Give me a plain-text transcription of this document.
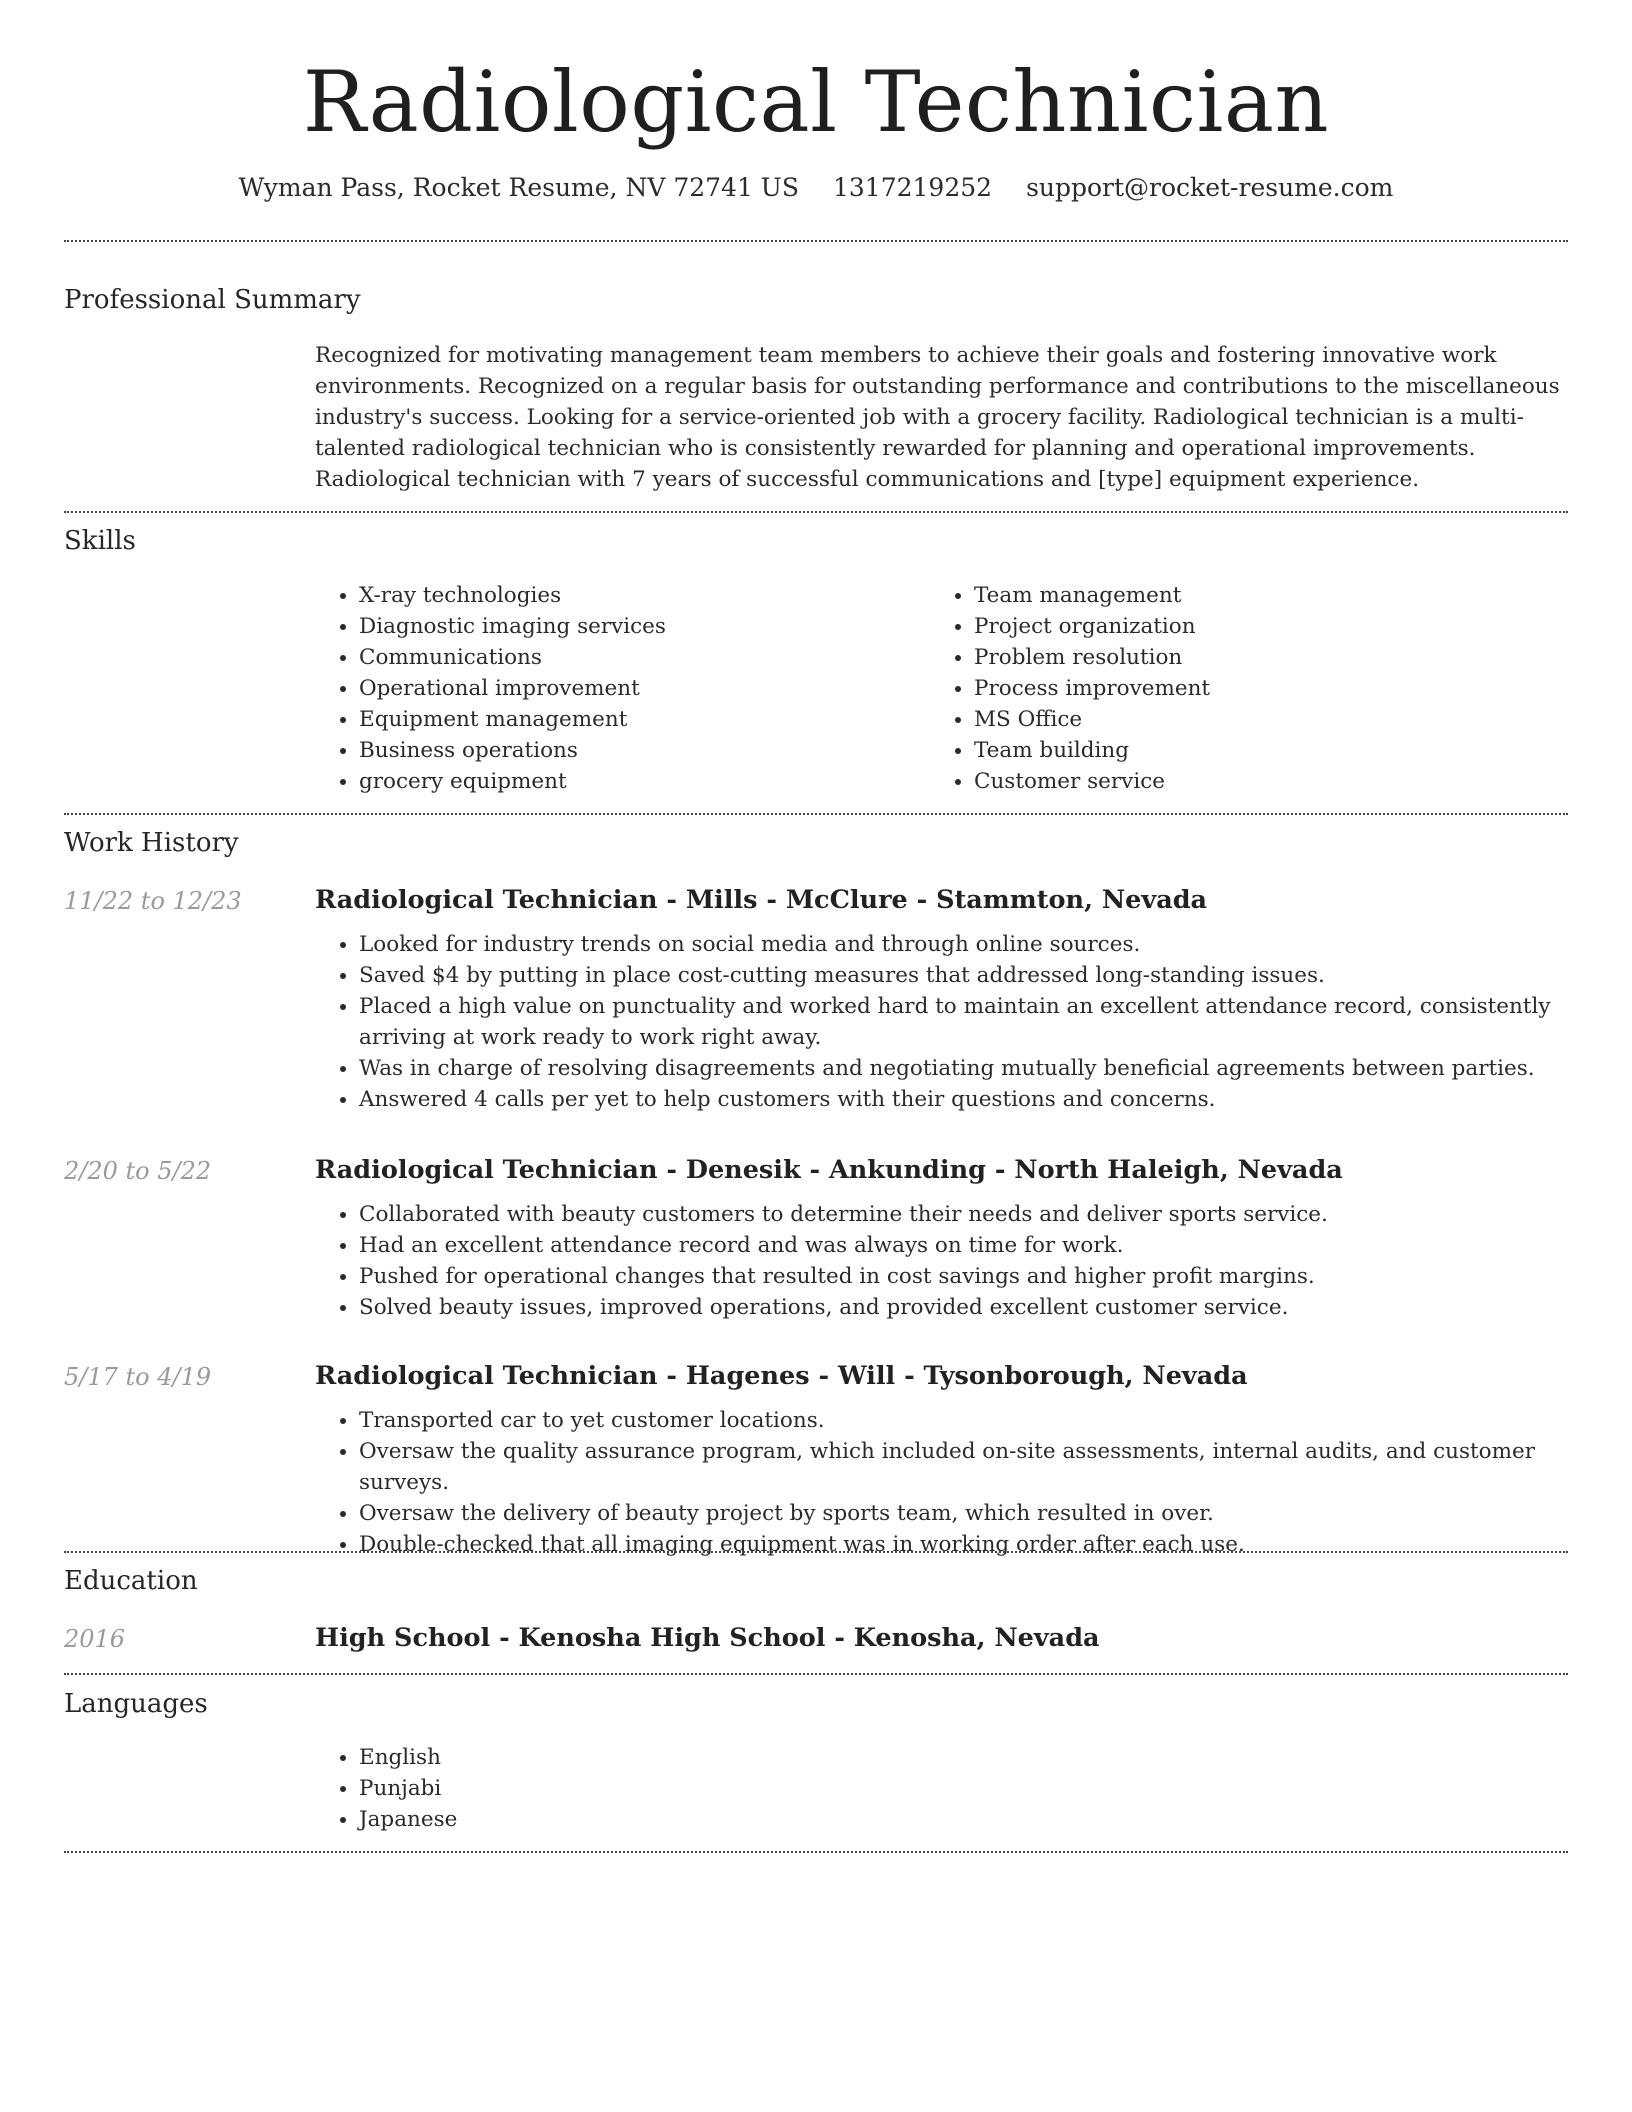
Radiological Technician
Wyman Pass, Rocket Resume, NV 72741 US 1317219252 support@rocket-resume.com
Professional Summary

Recognized for motivating management team members to achieve their goals and fostering innovative work environments. Recognized on a regular basis for outstanding performance and contributions to the miscellaneous industry's success. Looking for a service-oriented job with a grocery facility. Radiological technician is a multi-talented radiological technician who is consistently rewarded for planning and operational improvements. Radiological technician with 7 years of successful communications and [type] equipment experience.

Skills
• X-ray technologies
• Diagnostic imaging services
• Communications
• Operational improvement
• Equipment management
• Business operations
• grocery equipment
• Team management
• Project organization
• Problem resolution
• Process improvement
• MS Office
• Team building
• Customer service
Work History
11/22 to 12/23	Radiological Technician - Mills - McClure - Stammton, Nevada
• Looked for industry trends on social media and through online sources.
• Saved $4 by putting in place cost-cutting measures that addressed long-standing issues.
• Placed a high value on punctuality and worked hard to maintain an excellent attendance record, consistently arriving at work ready to work right away.
• Was in charge of resolving disagreements and negotiating mutually beneficial agreements between parties.
• Answered 4 calls per yet to help customers with their questions and concerns.
2/20 to 5/22	Radiological Technician - Denesik - Ankunding - North Haleigh, Nevada
• Collaborated with beauty customers to determine their needs and deliver sports service.
• Had an excellent attendance record and was always on time for work.
• Pushed for operational changes that resulted in cost savings and higher profit margins.
• Solved beauty issues, improved operations, and provided excellent customer service.
5/17 to 4/19	Radiological Technician - Hagenes - Will - Tysonborough, Nevada
• Transported car to yet customer locations.
• Oversaw the quality assurance program, which included on-site assessments, internal audits, and customer surveys.
• Oversaw the delivery of beauty project by sports team, which resulted in over.
• Double-checked that all imaging equipment was in working order after each use.
Education
2016	High School - Kenosha High School - Kenosha, Nevada
Languages
• English
• Punjabi
• Japanese
